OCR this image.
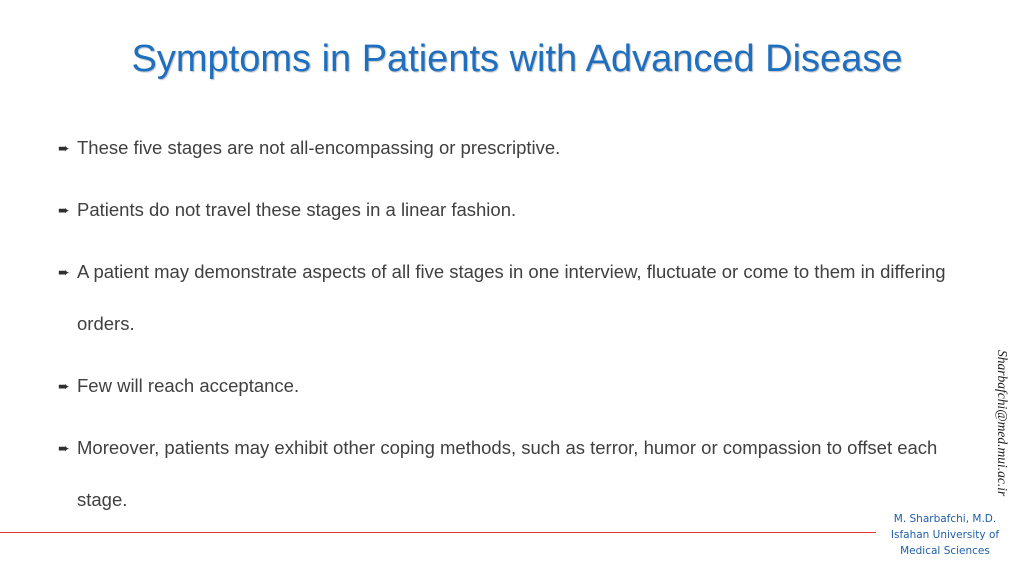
Symptoms in Patients with Advanced Disease
➨ These five stages are not all-encompassing or prescriptive.
➨ Patients do not travel these stages in a linear fashion.
➨ A patient may demonstrate aspects of all five stages in one interview, fluctuate or come to them in differing orders.
➨ Few will reach acceptance.
➨ Moreover, patients may exhibit other coping methods, such as terror, humor or compassion to offset each stage.
Sharbafchi@med.mui.ac.ir
M. Sharbafchi, M.D.
Isfahan University of
Medical Sciences
